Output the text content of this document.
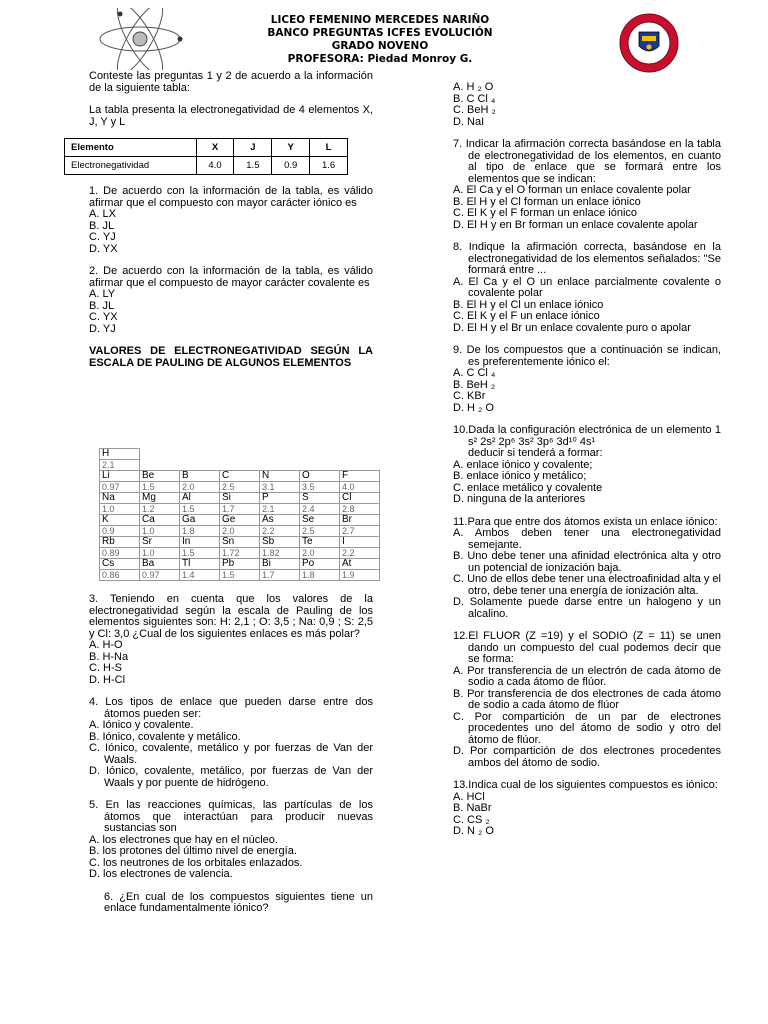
LICEO FEMENINO MERCEDES NARIÑO
BANCO PREGUNTAS ICFES EVOLUCIÓN
GRADO NOVENO
PROFESORA: Piedad Monroy G.

Conteste las preguntas 1 y 2 de acuerdo a la información de la siguiente tabla:

La tabla presenta la electronegatividad de 4 elementos X, J, Y y L

Elemento	X	J	Y	L
Electronegatividad	4.0	1.5	0.9	1.6

1. De acuerdo con la información de la tabla, es válido afirmar que el compuesto con mayor carácter iónico es

A. LX

B. JL

C. YJ

D. YX

2. De acuerdo con la información de la tabla, es válido afirmar que el compuesto de mayor carácter covalente es

A. LY

B. JL

C. YX

D. YJ

VALORES DE ELECTRONEGATIVIDAD SEGÚN LA ESCALA DE PAULING DE ALGUNOS ELEMENTOS

H						
2.1						
Li	Be	B	C	N	O	F
0.97	1.5	2.0	2.5	3.1	3.5	4.0
Na	Mg	Al	Si	P	S	Cl
1.0	1.2	1.5	1.7	2.1	2.4	2.8
K	Ca	Ga	Ge	As	Se	Br
0.9	1.0	1.8	2.0	2.2	2.5	2.7
Rb	Sr	In	Sn	Sb	Te	I
0.89	1.0	1.5	1.72	1.82	2.0	2.2
Cs	Ba	Tl	Pb	Bi	Po	At
0.86	0.97	1.4	1.5	1.7	1.8	1.9

3. Teniendo en cuenta que los valores de la electronegatividad según la escala de Pauling de los elementos siguientes son: H: 2,1 ; O: 3,5 ; Na: 0,9 ; S: 2,5 y Cl: 3,0 ¿Cual de los siguientes enlaces es más polar?

A. H-O

B. H-Na

C. H-S

D. H-Cl

4. Los tipos de enlace que pueden darse entre dos átomos pueden ser:

A. Iónico y covalente.

B. Iónico, covalente y metálico.

C. Iónico, covalente, metálico y por fuerzas de Van der Waals.

D. Iónico, covalente, metálico, por fuerzas de Van der Waals y por puente de hidrógeno.

5. En las reacciones químicas, las partículas de los átomos que interactúan para producir nuevas sustancias son

A. los electrones que hay en el núcleo.

B. los protones del último nivel de energía.

C. los neutrones de los orbitales enlazados.

D. los electrones de valencia.

6. ¿En cual de los compuestos siguientes tiene un enlace fundamentalmente iónico?

A. H ₂ O

B. C Cl ₄

C. BeH ₂

D. NaI

7. Indicar la afirmación correcta basándose en la tabla de electronegatividad de los elementos, en cuanto al tipo de enlace que se formará entre los elementos que se indican:

A. El Ca y el O forman un enlace covalente polar

B. El H y el Cl forman un enlace iónico

C. El K y el F forman un enlace iónico

D. El H y en Br forman un enlace covalente apolar

8. Indique la afirmación correcta, basándose en la electronegatividad de los elementos señalados: "Se formará entre ...

A. El Ca y el O un enlace parcialmente covalente o covalente polar

B. El H y el Cl un enlace iónico

C. El K y el F un enlace iónico

D. El H y el Br un enlace covalente puro o apolar

9. De los compuestos que a continuación se indican, es preferentemente iónico el:

A. C Cl ₄

B. BeH ₂

C. KBr

D. H ₂ O

10.Dada la configuración electrónica de un elemento 1 s² 2s² 2p⁶ 3s² 3p⁶ 3d¹⁰ 4s¹

deducir si tenderá a formar:

A. enlace iónico y covalente;

B. enlace iónico y metálico;

C. enlace metálico y covalente

D. ninguna de la anteriores

11.Para que entre dos átomos exista un enlace iónico:

A. Ambos deben tener una electronegatividad semejante.

B. Uno debe tener una afinidad electrónica alta y otro un potencial de ionización baja.

C. Uno de ellos debe tener una electroafinidad alta y el otro, debe tener una energía de ionización alta.

D. Solamente puede darse entre un halogeno y un alcalino.

12.El FLUOR (Z =19) y el SODIO (Z = 11) se unen dando un compuesto del cual podemos decir que se forma:

A. Por transferencia de un electrón de cada átomo de sodio a cada átomo de flúor.

B. Por transferencia de dos electrones de cada átomo de sodio a cada átomo de flúor

C. Por compartición de un par de electrones procedentes uno del átomo de sodio y otro del átomo de flúor.

D. Por compartición de dos electrones procedentes ambos del átomo de sodio.

13.Indica cual de los siguientes compuestos es iónico:

A. HCl

B. NaBr

C. CS ₂

D. N ₂ O
